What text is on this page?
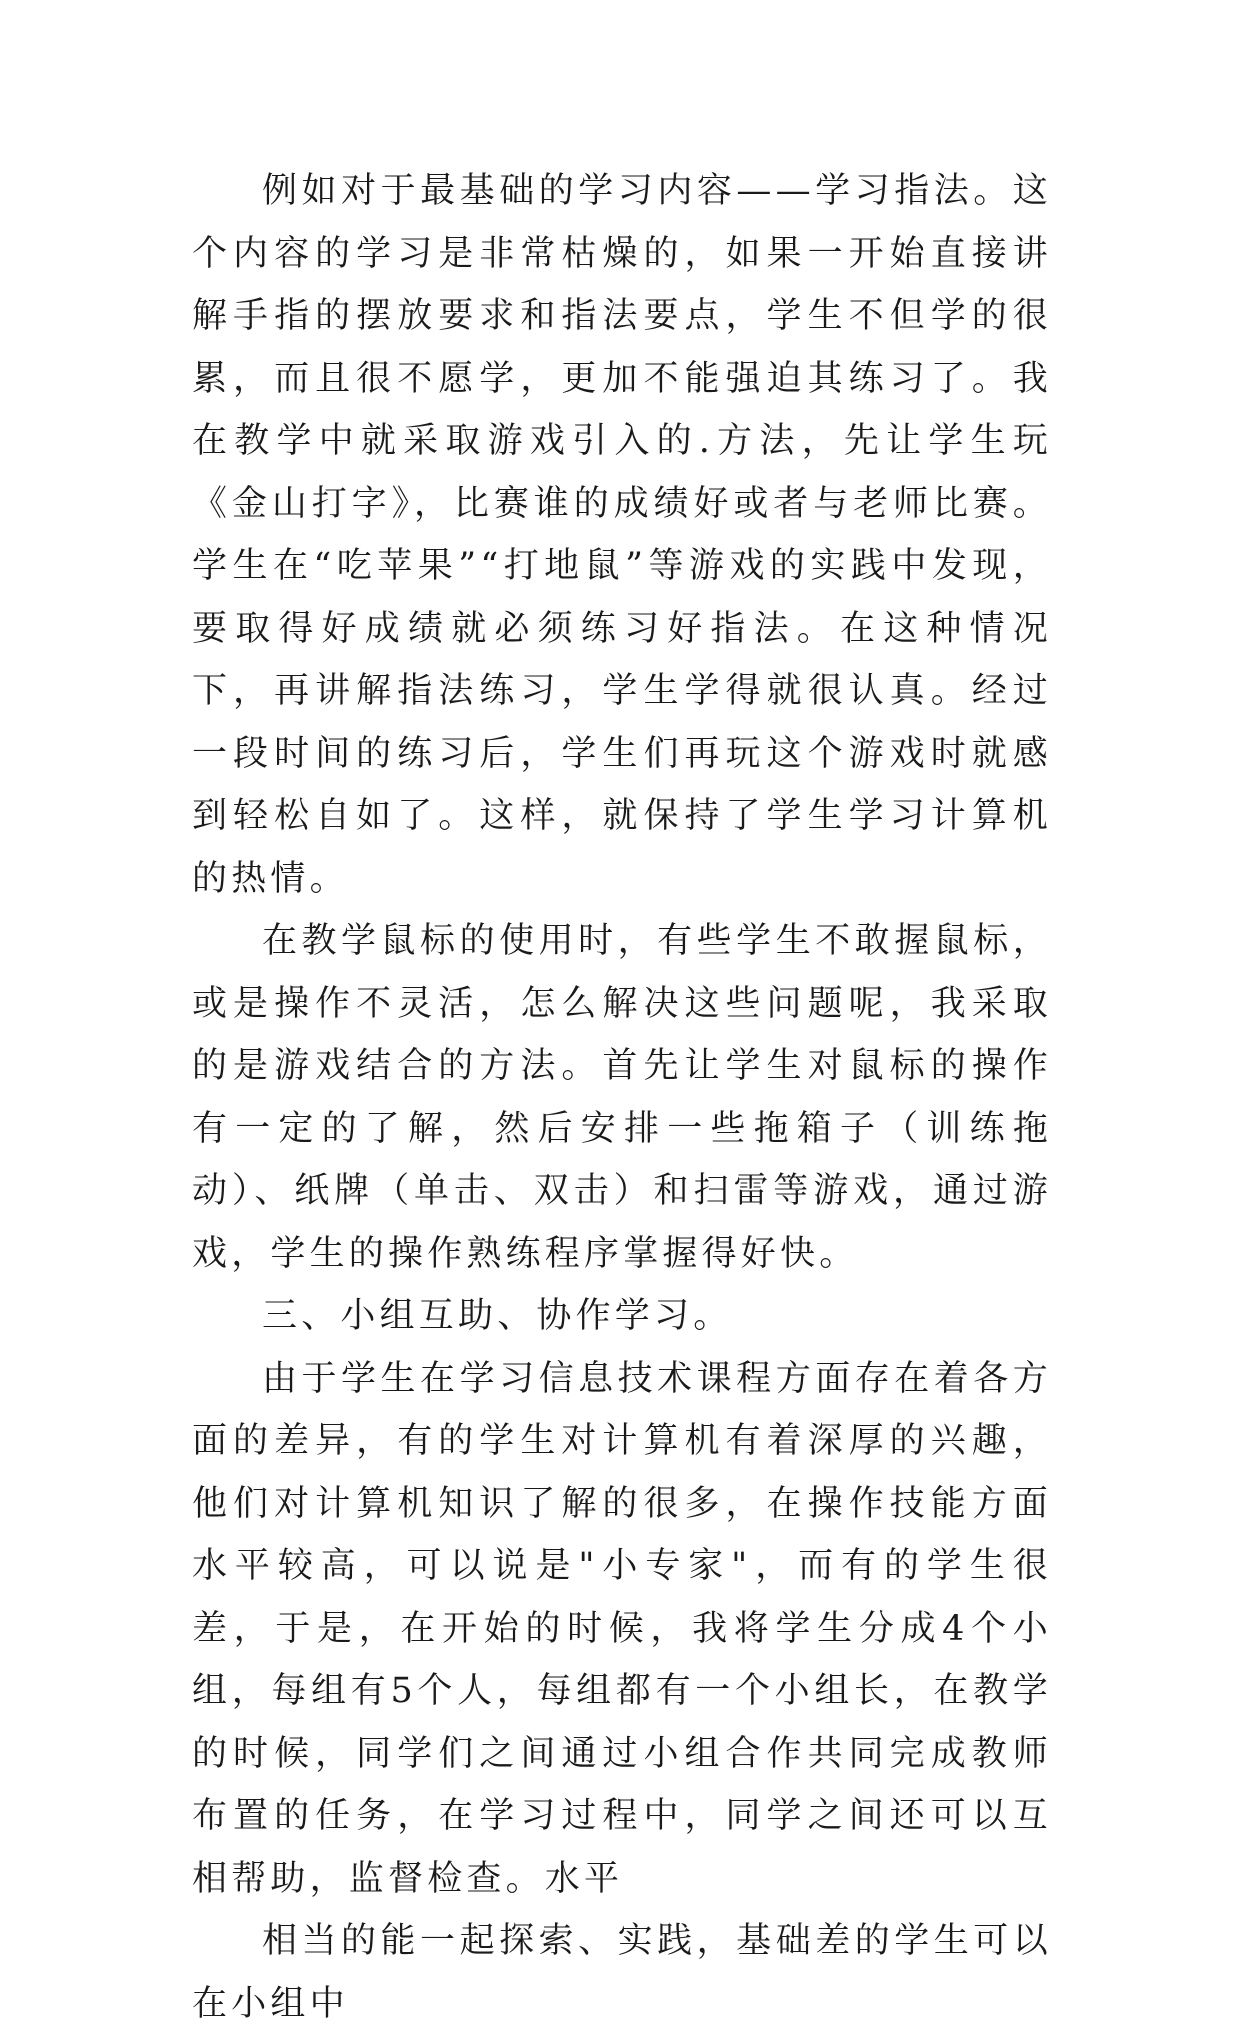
例如对于最基础的学习内容——学习指法。这个内容的学习是非常枯燥的，如果一开始直接讲解手指的摆放要求和指法要点，学生不但学的很累，而且很不愿学，更加不能强迫其练习了。我在教学中就采取游戏引入的.方法，先让学生玩《金山打字》，比赛谁的成绩好或者与老师比赛。学生在“吃苹果”“打地鼠”等游戏的实践中发现，要取得好成绩就必须练习好指法。在这种情况下，再讲解指法练习，学生学得就很认真。经过一段时间的练习后，学生们再玩这个游戏时就感到轻松自如了。这样，就保持了学生学习计算机的热情。

在教学鼠标的使用时，有些学生不敢握鼠标，或是操作不灵活，怎么解决这些问题呢，我采取的是游戏结合的方法。首先让学生对鼠标的操作有一定的了解，然后安排一些拖箱子（训练拖动）、纸牌（单击、双击）和扫雷等游戏，通过游戏，学生的操作熟练程序掌握得好快。

三、小组互助、协作学习。

由于学生在学习信息技术课程方面存在着各方面的差异，有的学生对计算机有着深厚的兴趣，他们对计算机知识了解的很多，在操作技能方面水平较高，可以说是"小专家"，而有的学生很差，于是，在开始的时候，我将学生分成4个小组，每组有5个人，每组都有一个小组长，在教学的时候，同学们之间通过小组合作共同完成教师布置的任务，在学习过程中，同学之间还可以互相帮助，监督检查。水平

相当的能一起探索、实践，基础差的学生可以在小组中
